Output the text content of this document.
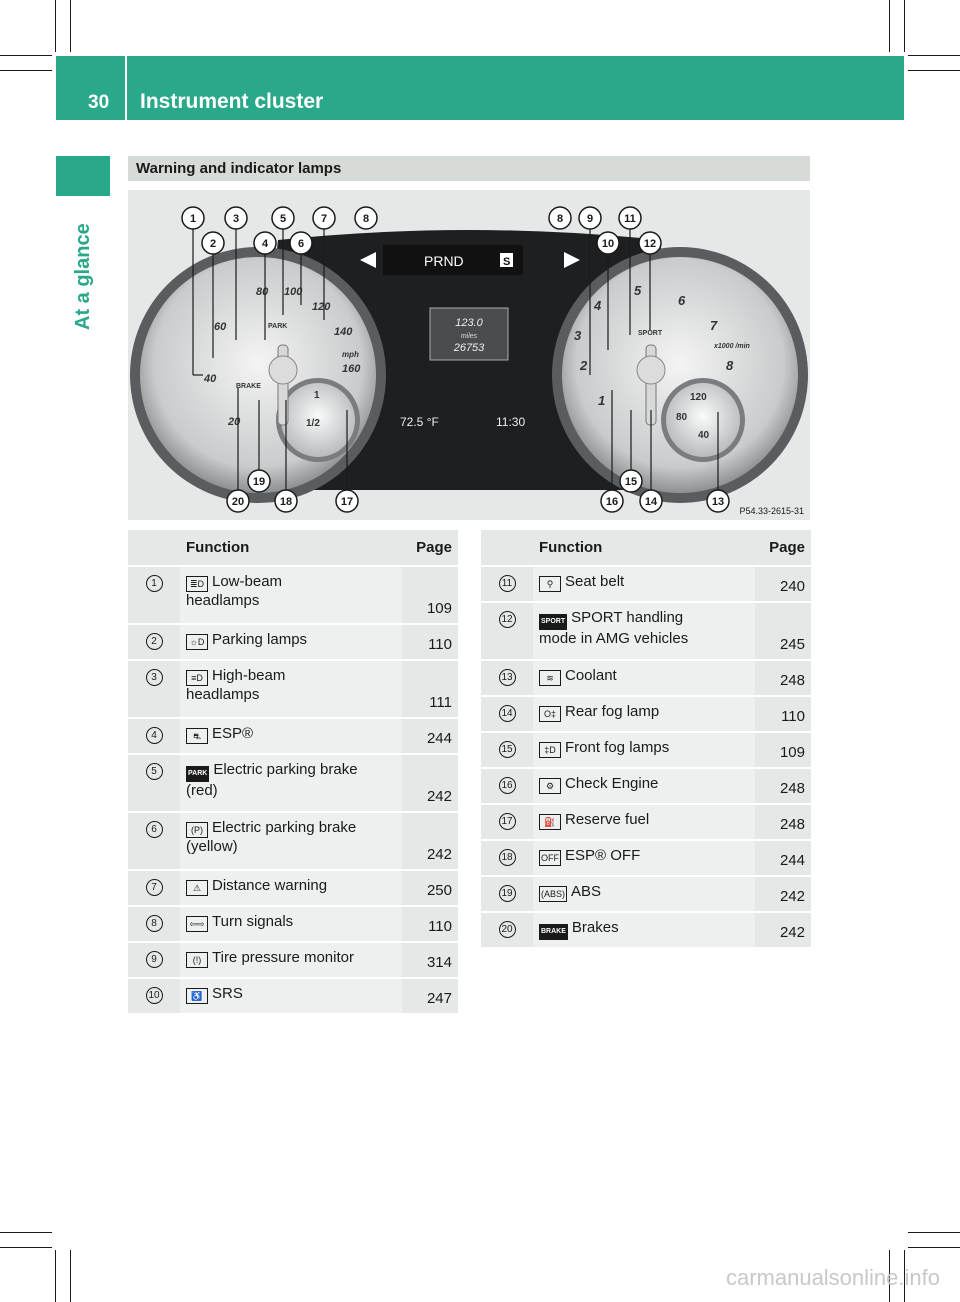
30 Instrument cluster
At a glance
Warning and indicator lamps
PRND	S
123.0
miles
26753
72.5 °F	11:30
20
40
60
80 100
120
140
160
mph
1
2
3
4
5
6
7
8
x1000 /min
1/2
1
40
80
120
PARK
BRAKE
SPORT
1
2
3
4
5
6
7	8	8 9
10
11
12
13
14
15
16
17
18
19
20
P54.33-2615-31
	Function	Page
1	≣D Low-beam
headlamps	109
2	☼D Parking lamps	110
3	≡D High-beam
headlamps	111
4	⛐ ESP®	244
5	PARK Electric parking brake
(red)	242
6	(P) Electric parking brake
(yellow)	242
7	⚠ Distance warning	250
8	⇦⇨ Turn signals	110
9	(!) Tire pressure monitor	314
10	♿ SRS	247
	Function	Page
11	⚲ Seat belt	240
12	SPORT SPORT handling
mode in AMG vehicles	245
13	≋ Coolant	248
14	O‡ Rear fog lamp	110
15	‡D Front fog lamps	109
16	⚙ Check Engine	248
17	⛽ Reserve fuel	248
18	OFF ESP® OFF	244
19	(ABS) ABS	242
20	BRAKE Brakes	242
carmanualsonline.info
